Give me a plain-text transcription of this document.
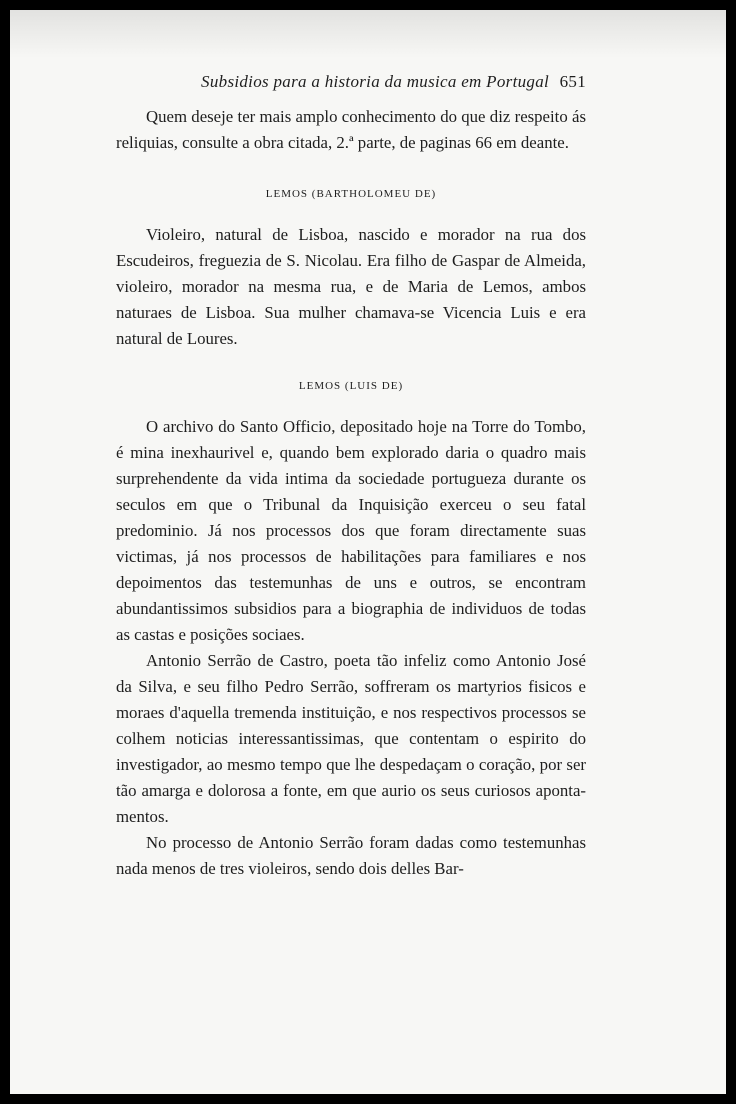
Subsidios para a historia da musica em Portugal 651

Quem deseje ter mais amplo conhecimento do que diz respeito ás reliquias, consulte a obra citada, 2.ª parte, de paginas 66 em deante.

LEMOS (BARTHOLOMEU DE)

Violeiro, natural de Lisboa, nascido e morador na rua dos Escudeiros, freguezia de S. Nicolau. Era filho de Gaspar de Almeida, violeiro, morador na mesma rua, e de Maria de Lemos, ambos naturaes de Lisboa. Sua mulher chamava-se Vicencia Luis e era natural de Loures.

LEMOS (LUIS DE)

O archivo do Santo Officio, depositado hoje na Torre do Tombo, é mina inexhaurivel e, quando bem explorado daria o quadro mais surprehendente da vida intima da sociedade portugueza durante os seculos em que o Tribunal da Inquisição exerceu o seu fatal predominio. Já nos processos dos que foram directamente suas victimas, já nos processos de habilitações para familiares e nos depoimentos das testemunhas de uns e outros, se encontram abundantissimos subsidios para a biographia de individuos de todas as castas e posições sociaes.

Antonio Serrão de Castro, poeta tão infeliz como Antonio José da Silva, e seu filho Pedro Serrão, soffreram os martyrios fisicos e moraes d'aquella tremenda instituição, e nos respectivos processos se colhem noticias interessantissimas, que contentam o espirito do investigador, ao mesmo tempo que lhe despedaçam o coração, por ser tão amarga e dolorosa a fonte, em que aurio os seus curiosos apontamentos.

No processo de Antonio Serrão foram dadas como testemunhas nada menos de tres violeiros, sendo dois delles Bar-
